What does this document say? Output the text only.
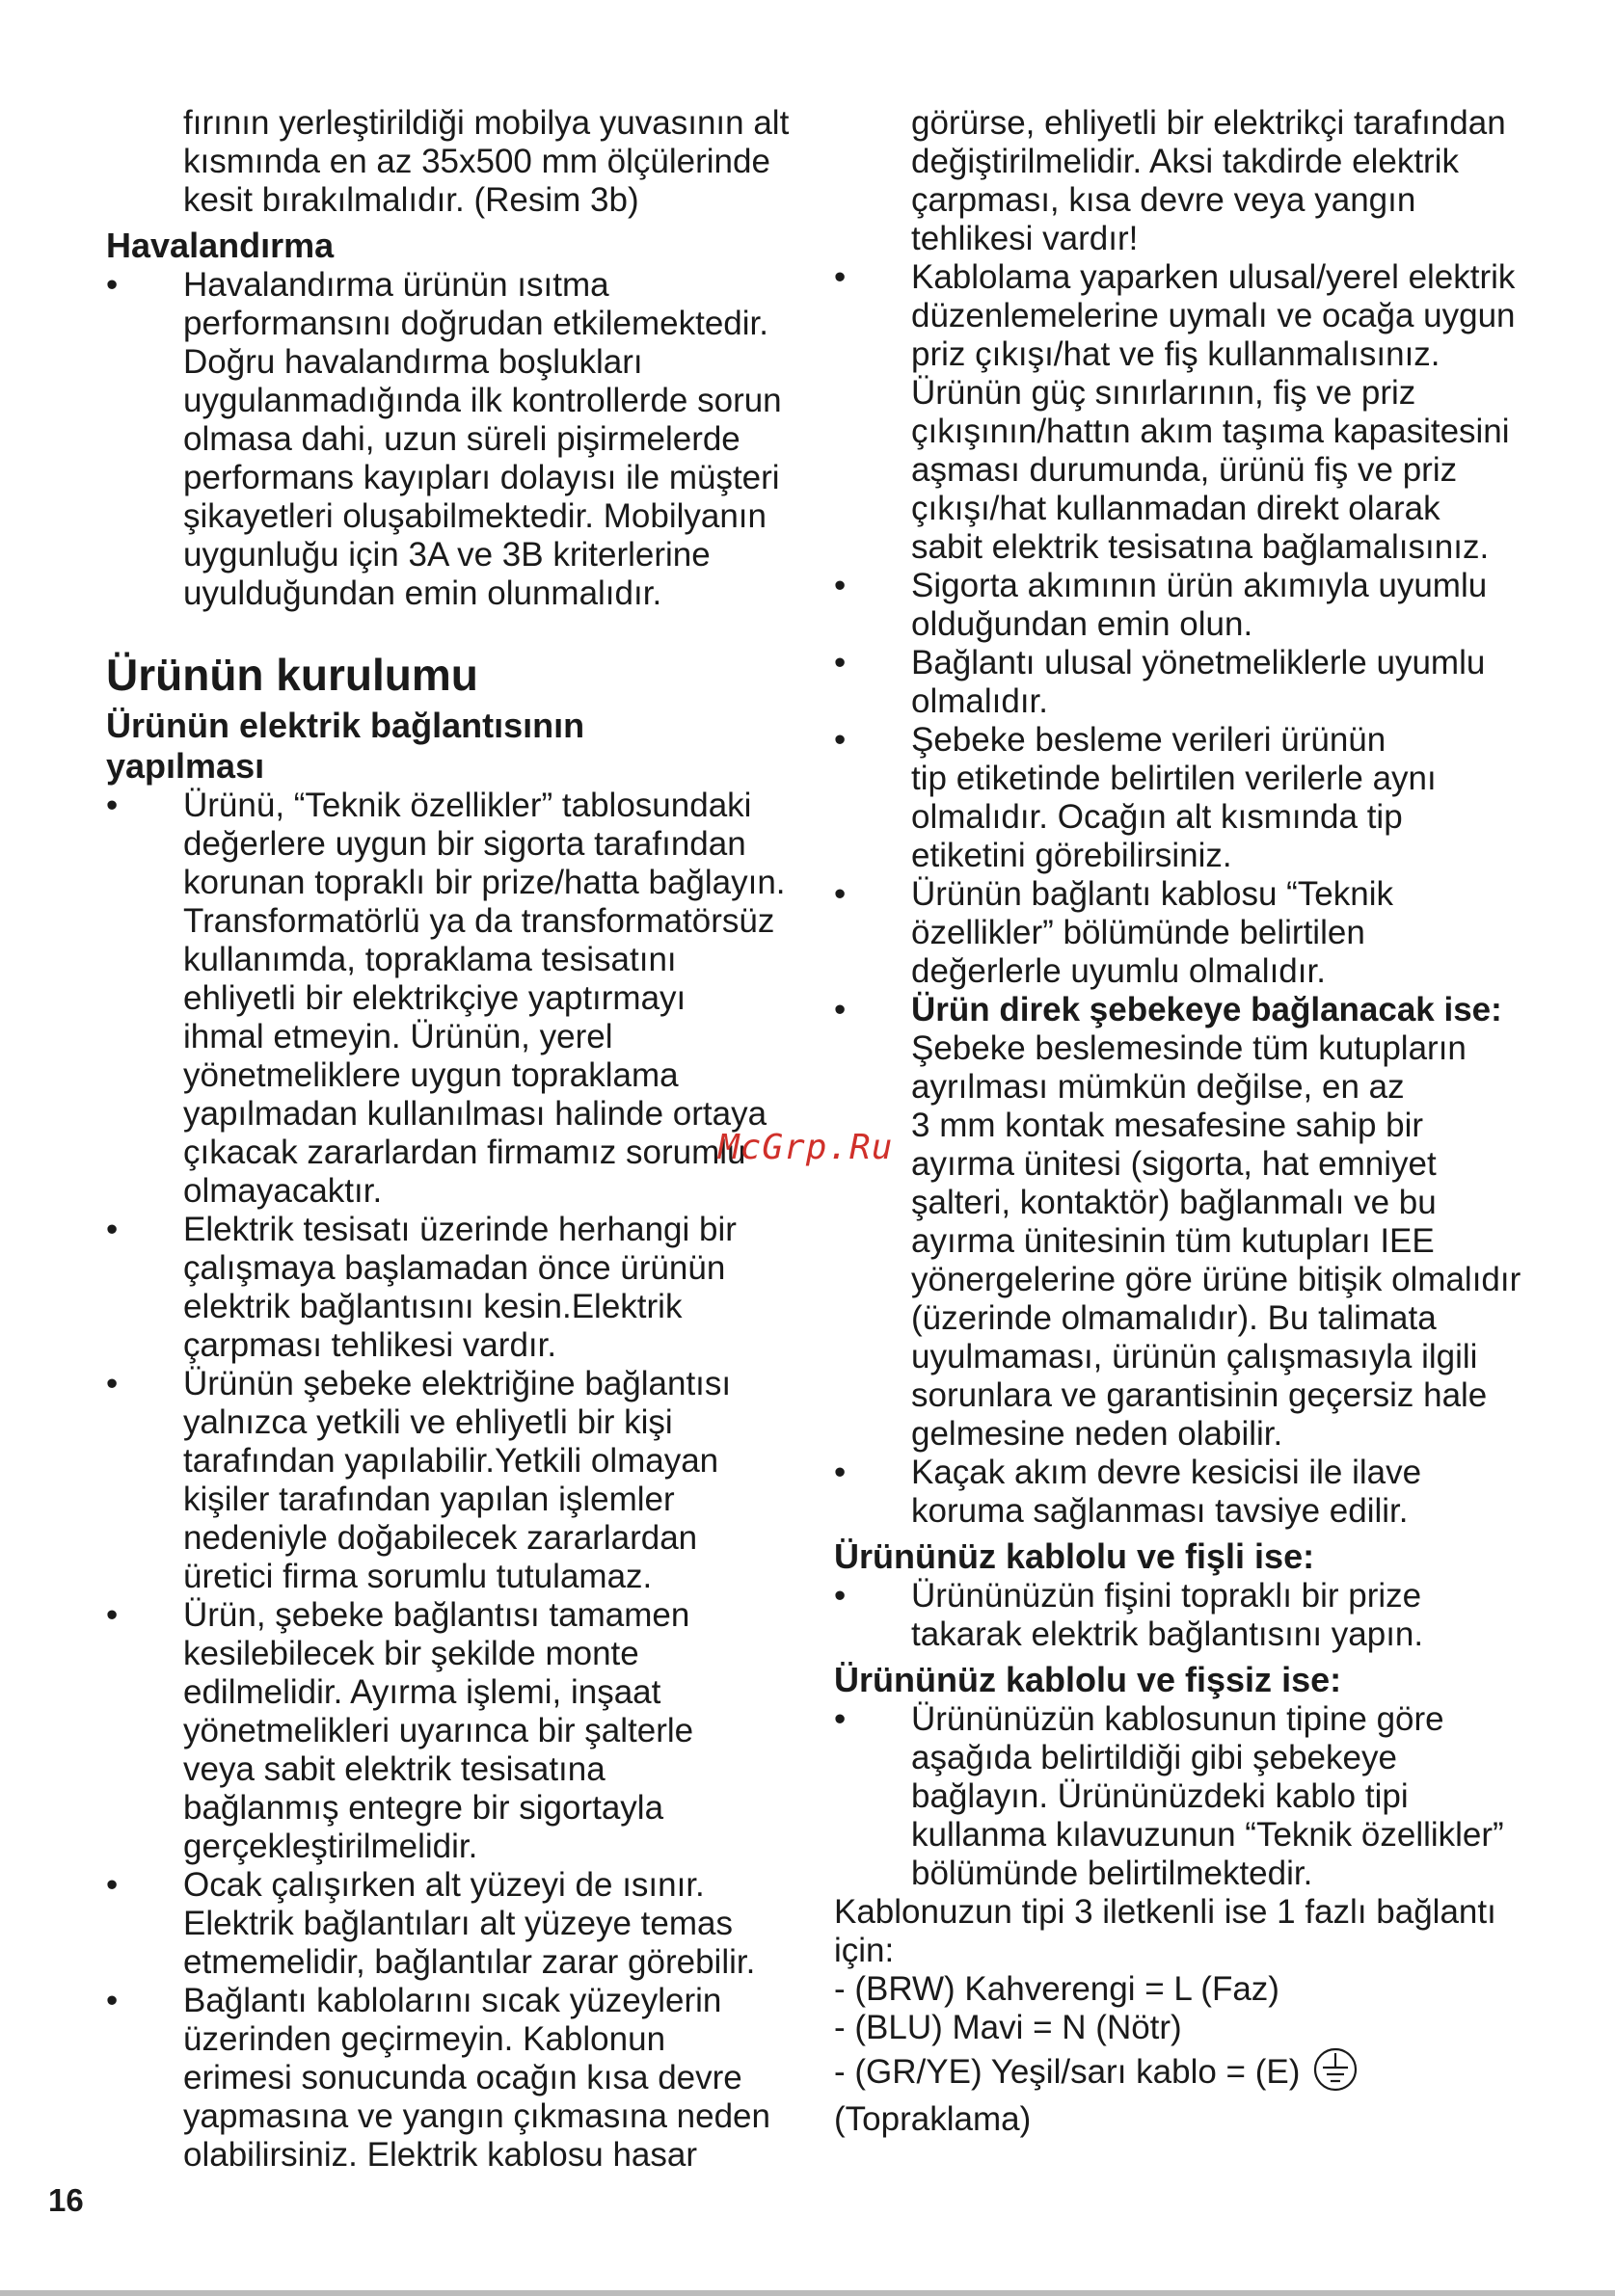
fırının yerleştirildiği mobilya yuvasının alt

kısmında en az 35x500 mm ölçülerinde

kesit bırakılmalıdır. (Resim 3b)

Havalandırma
•	Havalandırma ürünün ısıtma

performansını doğrudan etkilemektedir.

Doğru havalandırma boşlukları

uygulanmadığında ilk kontrollerde sorun

olmasa dahi, uzun süreli pişirmelerde

performans kayıpları dolayısı ile müşteri

şikayetleri oluşabilmektedir. Mobilyanın

uygunluğu için 3A ve 3B kriterlerine

uyulduğundan emin olunmalıdır.

Ürünün kurulumu
Ürünün elektrik bağlantısının
yapılması
•	Ürünü, “Teknik özellikler” tablosundaki

değerlere uygun bir sigorta tarafından

korunan topraklı bir prize/hatta bağlayın.

Transformatörlü ya da transformatörsüz

kullanımda, topraklama tesisatını

ehliyetli bir elektrikçiye yaptırmayı

ihmal etmeyin. Ürünün, yerel

yönetmeliklere uygun topraklama

yapılmadan kullanılması halinde ortaya

çıkacak zararlardan firmamız sorumlu

olmayacaktır.

•	Elektrik tesisatı üzerinde herhangi bir

çalışmaya başlamadan önce ürünün

elektrik bağlantısını kesin.Elektrik

çarpması tehlikesi vardır.

•	Ürünün şebeke elektriğine bağlantısı

yalnızca yetkili ve ehliyetli bir kişi

tarafından yapılabilir.Yetkili olmayan

kişiler tarafından yapılan işlemler

nedeniyle doğabilecek zararlardan

üretici firma sorumlu tutulamaz.

•	Ürün, şebeke bağlantısı tamamen

kesilebilecek bir şekilde monte

edilmelidir. Ayırma işlemi, inşaat

yönetmelikleri uyarınca bir şalterle

veya sabit elektrik tesisatına

bağlanmış entegre bir sigortayla

gerçekleştirilmelidir.

•	Ocak çalışırken alt yüzeyi de ısınır.

Elektrik bağlantıları alt yüzeye temas

etmemelidir, bağlantılar zarar görebilir.

•	Bağlantı kablolarını sıcak yüzeylerin

üzerinden geçirmeyin. Kablonun

erimesi sonucunda ocağın kısa devre

yapmasına ve yangın çıkmasına neden

olabilirsiniz. Elektrik kablosu hasar

görürse, ehliyetli bir elektrikçi tarafından

değiştirilmelidir. Aksi takdirde elektrik

çarpması, kısa devre veya yangın

tehlikesi vardır!

•	Kablolama yaparken ulusal/yerel elektrik

düzenlemelerine uymalı ve ocağa uygun

priz çıkışı/hat ve fiş kullanmalısınız.

Ürünün güç sınırlarının, fiş ve priz

çıkışının/hattın akım taşıma kapasitesini

aşması durumunda, ürünü fiş ve priz

çıkışı/hat kullanmadan direkt olarak

sabit elektrik tesisatına bağlamalısınız.

•	Sigorta akımının ürün akımıyla uyumlu

olduğundan emin olun.

•	Bağlantı ulusal yönetmeliklerle uyumlu

olmalıdır.

•	Şebeke besleme verileri ürünün

tip etiketinde belirtilen verilerle aynı

olmalıdır. Ocağın alt kısmında tip

etiketini görebilirsiniz.

•	Ürünün bağlantı kablosu “Teknik

özellikler” bölümünde belirtilen

değerlerle uyumlu olmalıdır.

•	Ürün direk şebekeye bağlanacak ise:

Şebeke beslemesinde tüm kutupların

ayrılması mümkün değilse, en az

3 mm kontak mesafesine sahip bir

ayırma ünitesi (sigorta, hat emniyet

şalteri, kontaktör) bağlanmalı ve bu

ayırma ünitesinin tüm kutupları IEE

yönergelerine göre ürüne bitişik olmalıdır

(üzerinde olmamalıdır). Bu talimata

uyulmaması, ürünün çalışmasıyla ilgili

sorunlara ve garantisinin geçersiz hale

gelmesine neden olabilir.

•	Kaçak akım devre kesicisi ile ilave

koruma sağlanması tavsiye edilir.

Ürününüz kablolu ve fişli ise:
•	Ürününüzün fişini topraklı bir prize

takarak elektrik bağlantısını yapın.

Ürününüz kablolu ve fişsiz ise:
•	Ürününüzün kablosunun tipine göre

aşağıda belirtildiği gibi şebekeye

bağlayın. Ürününüzdeki kablo tipi

kullanma kılavuzunun “Teknik özellikler”

bölümünde belirtilmektedir.

Kablonuzun tipi 3 iletkenli ise 1 fazlı bağlantı

için:

- (BRW) Kahverengi = L (Faz)

- (BLU) Mavi = N (Nötr)

- (GR/YE) Yeşil/sarı kablo = (E)

(Topraklama)

McGrp.Ru
16
